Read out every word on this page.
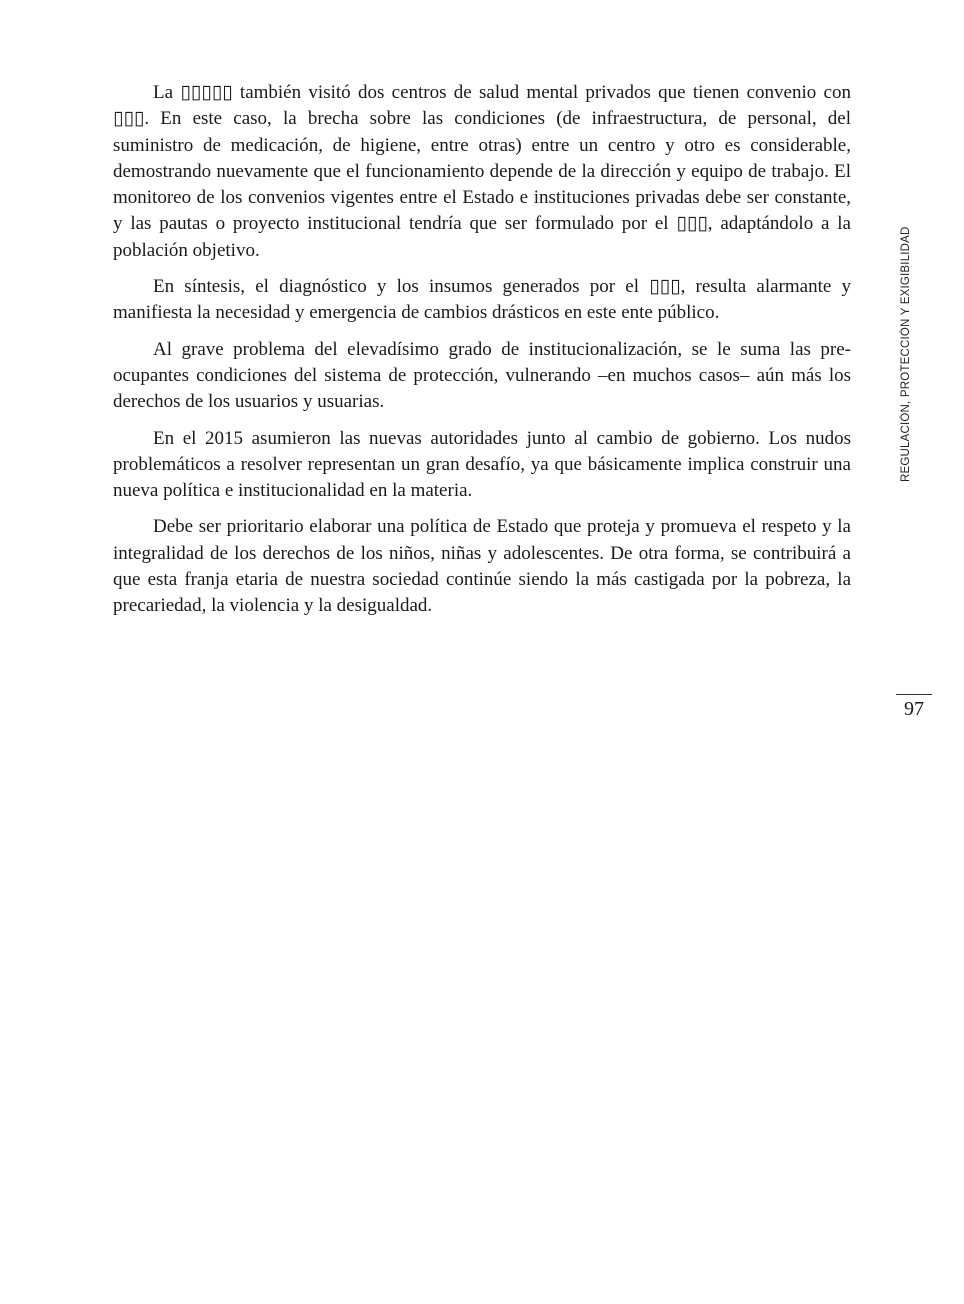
La ▯▯▯▯▯ también visitó dos centros de salud mental privados que tienen convenio con ▯▯▯. En este caso, la brecha sobre las condiciones (de infraestructura, de personal, del suministro de medicación, de higiene, entre otras) entre un centro y otro es considerable, demostrando nuevamente que el funcionamiento depende de la dirección y equipo de trabajo. El monitoreo de los convenios vigentes entre el Estado e instituciones privadas debe ser constante, y las pautas o proyecto institucional tendría que ser formulado por el ▯▯▯, adaptándolo a la población objetivo.

En síntesis, el diagnóstico y los insumos generados por el ▯▯▯, resulta alarmante y manifiesta la necesidad y emergencia de cambios drásticos en este ente público.

Al grave problema del elevadísimo grado de institucionalización, se le suma las preocupantes condiciones del sistema de protección, vulnerando –en muchos casos– aún más los derechos de los usuarios y usuarias.

En el 2015 asumieron las nuevas autoridades junto al cambio de gobierno. Los nudos problemáticos a resolver representan un gran desafío, ya que básicamente implica construir una nueva política e institucionalidad en la materia.

Debe ser prioritario elaborar una política de Estado que proteja y promueva el respeto y la integralidad de los derechos de los niños, niñas y adolescentes. De otra forma, se contribuirá a que esta franja etaria de nuestra sociedad continúe siendo la más castigada por la pobreza, la precariedad, la violencia y la desigualdad.

REGULACIÓN, PROTECCIÓN Y EXIGIBILIDAD
97
